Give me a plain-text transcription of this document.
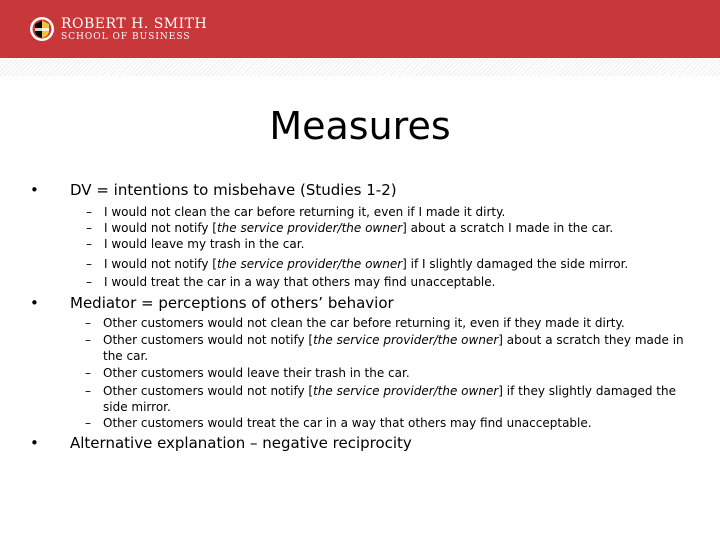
ROBERT H. SMITH
SCHOOL OF BUSINESS
Measures
• DV = intentions to misbehave (Studies 1-2)
– I would not clean the car before returning it, even if I made it dirty.
– I would not notify [the service provider/the owner] about a scratch I made in the car.
– I would leave my trash in the car.
– I would not notify [the service provider/the owner] if I slightly damaged the side mirror.
– I would treat the car in a way that others may find unacceptable.
• Mediator = perceptions of others’ behavior
– Other customers would not clean the car before returning it, even if they made it dirty.
– Other customers would not notify [the service provider/the owner] about a scratch they made in the car.
– Other customers would leave their trash in the car.
– Other customers would not notify [the service provider/the owner] if they slightly damaged the side mirror.
– Other customers would treat the car in a way that others may find unacceptable.
• Alternative explanation – negative reciprocity
